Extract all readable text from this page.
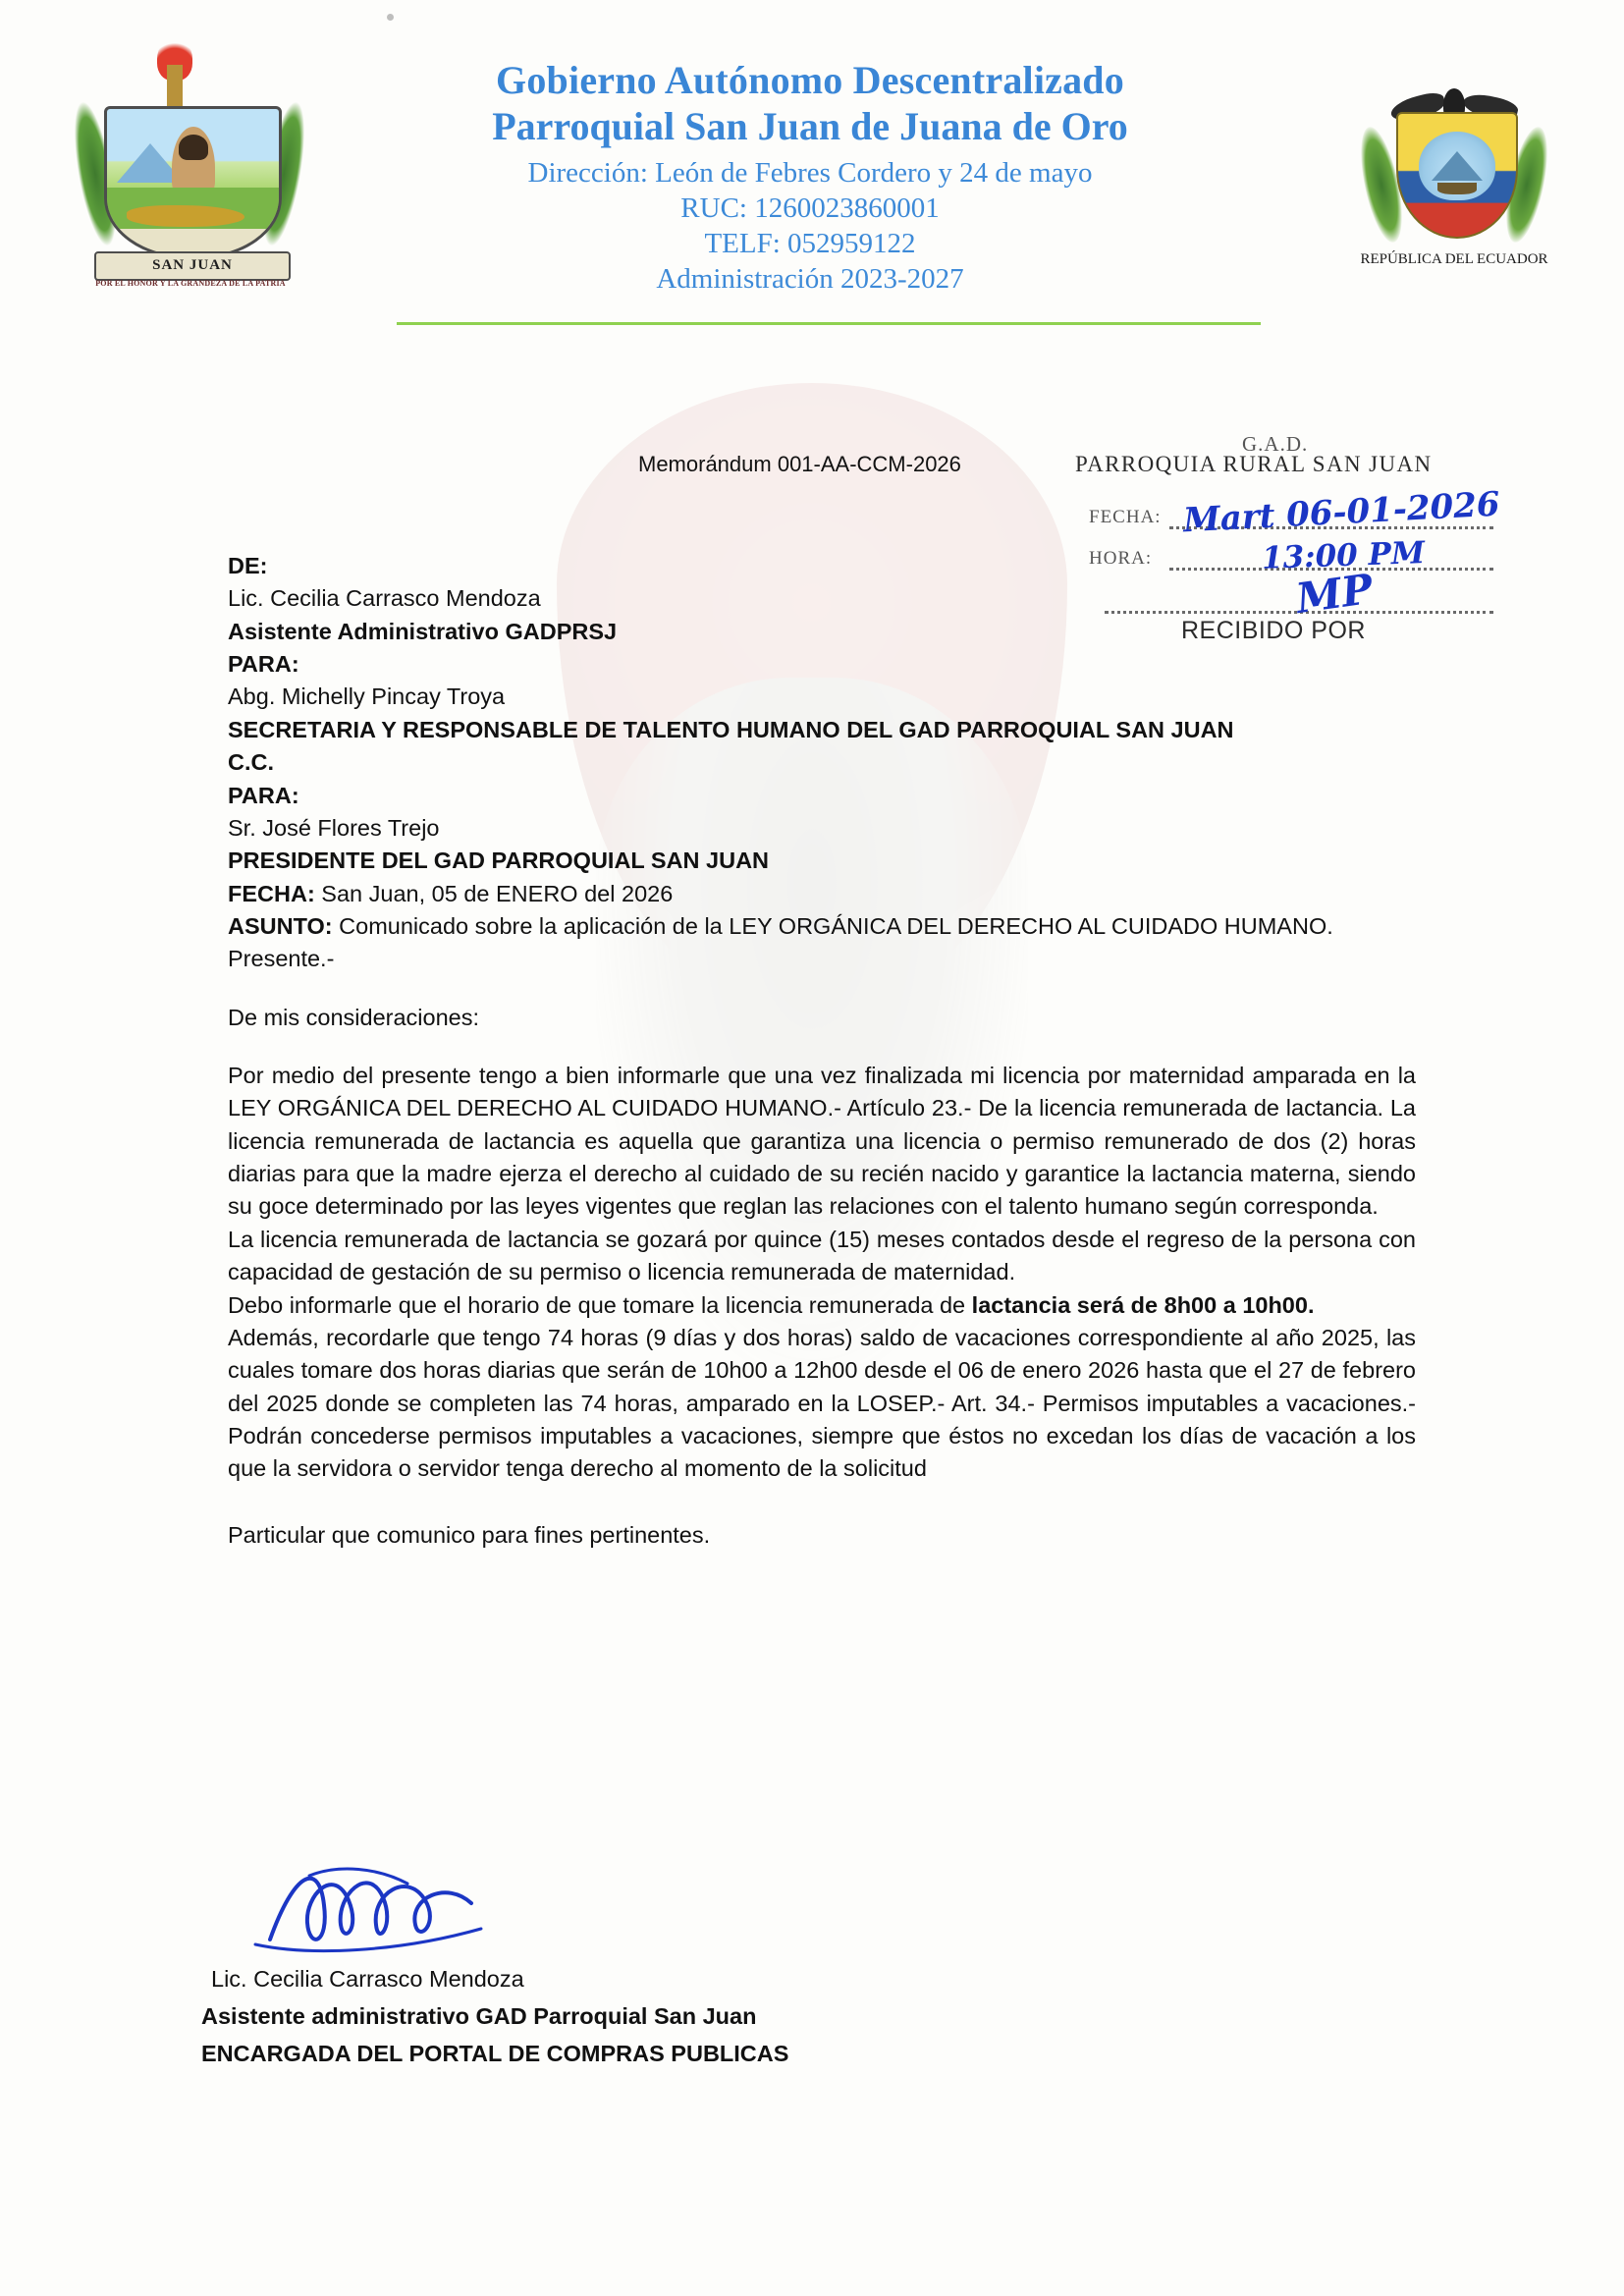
SAN JUAN
POR EL HONOR Y LA GRANDEZA DE LA PATRIA
Gobierno Autónomo Descentralizado
Parroquial San Juan de Juana de Oro
Dirección: León de Febres Cordero y 24 de mayo
RUC: 1260023860001
TELF: 052959122
Administración 2023-2027
REPÚBLICA DEL ECUADOR
Memorándum 001-AA-CCM-2026
G.A.D.
PARROQUIA RURAL SAN JUAN
FECHA:
HORA:
RECIBIDO POR
Mart 06-01-2026
13:00 PM
MP

DE:

Lic. Cecilia Carrasco Mendoza

Asistente Administrativo GADPRSJ

PARA:

Abg. Michelly Pincay Troya

SECRETARIA Y RESPONSABLE DE TALENTO HUMANO DEL GAD PARROQUIAL SAN JUAN

C.C.

PARA:

Sr. José Flores Trejo

PRESIDENTE DEL GAD PARROQUIAL SAN JUAN

FECHA: San Juan, 05 de ENERO del 2026

ASUNTO: Comunicado sobre la aplicación de la LEY ORGÁNICA DEL DERECHO AL CUIDADO HUMANO.

Presente.-

De mis consideraciones:

Por medio del presente tengo a bien informarle que una vez finalizada mi licencia por maternidad amparada en la LEY ORGÁNICA DEL DERECHO AL CUIDADO HUMANO.- Artículo 23.- De la licencia remunerada de lactancia. La licencia remunerada de lactancia es aquella que garantiza una licencia o permiso remunerado de dos (2) horas diarias para que la madre ejerza el derecho al cuidado de su recién nacido y garantice la lactancia materna, siendo su goce determinado por las leyes vigentes que reglan las relaciones con el talento humano según corresponda.

La licencia remunerada de lactancia se gozará por quince (15) meses contados desde el regreso de la persona con capacidad de gestación de su permiso o licencia remunerada de maternidad.

Debo informarle que el horario de que tomare la licencia remunerada de lactancia será de 8h00 a 10h00.

Además, recordarle que tengo 74 horas (9 días y dos horas) saldo de vacaciones correspondiente al año 2025, las cuales tomare dos horas diarias que serán de 10h00 a 12h00 desde el 06 de enero 2026 hasta que el 27 de febrero del 2025 donde se completen las 74 horas, amparado en la LOSEP.- Art. 34.- Permisos imputables a vacaciones.- Podrán concederse permisos imputables a vacaciones, siempre que éstos no excedan los días de vacación a los que la servidora o servidor tenga derecho al momento de la solicitud

Particular que comunico para fines pertinentes.

Lic. Cecilia Carrasco Mendoza
Asistente administrativo GAD Parroquial San Juan
ENCARGADA DEL PORTAL DE COMPRAS PUBLICAS
